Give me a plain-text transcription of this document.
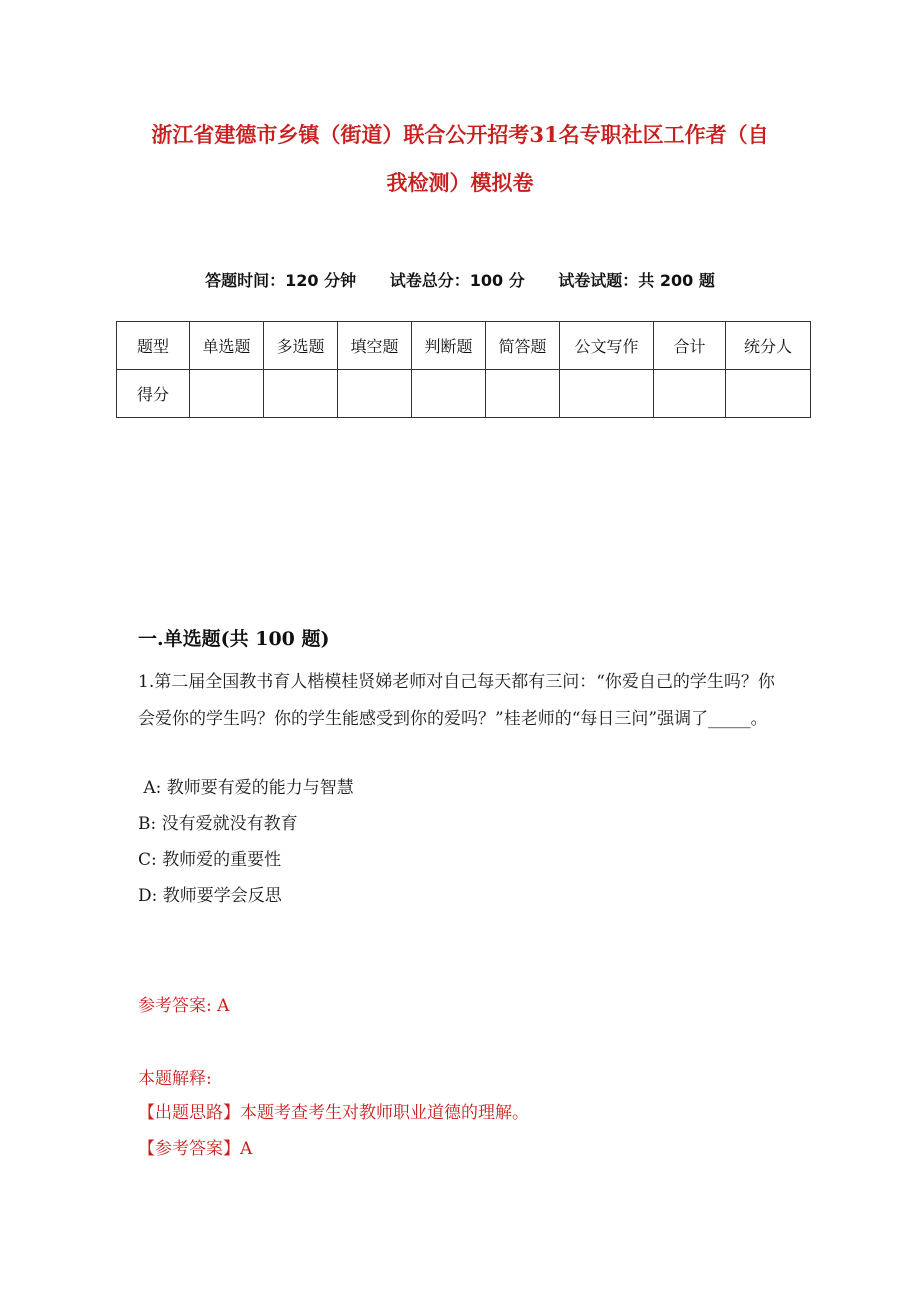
浙江省建德市乡镇（街道）联合公开招考31名专职社区工作者（自
我检测）模拟卷
答题时间：120 分钟 试卷总分：100 分 试卷试题：共 200 题
题型	单选题	多选题	填空题	判断题	简答题	公文写作	合计	统分人
得分								
一.单选题(共 100 题)
1.第二届全国教书育人楷模桂贤娣老师对自己每天都有三问：“你爱自己的学生吗？你会爱你的学生吗？你的学生能感受到你的爱吗？”桂老师的“每日三问”强调了_____。
A: 教师要有爱的能力与智慧
B: 没有爱就没有教育
C: 教师爱的重要性
D: 教师要学会反思
参考答案: A
本题解释:
【出题思路】本题考查考生对教师职业道德的理解。
【参考答案】A
